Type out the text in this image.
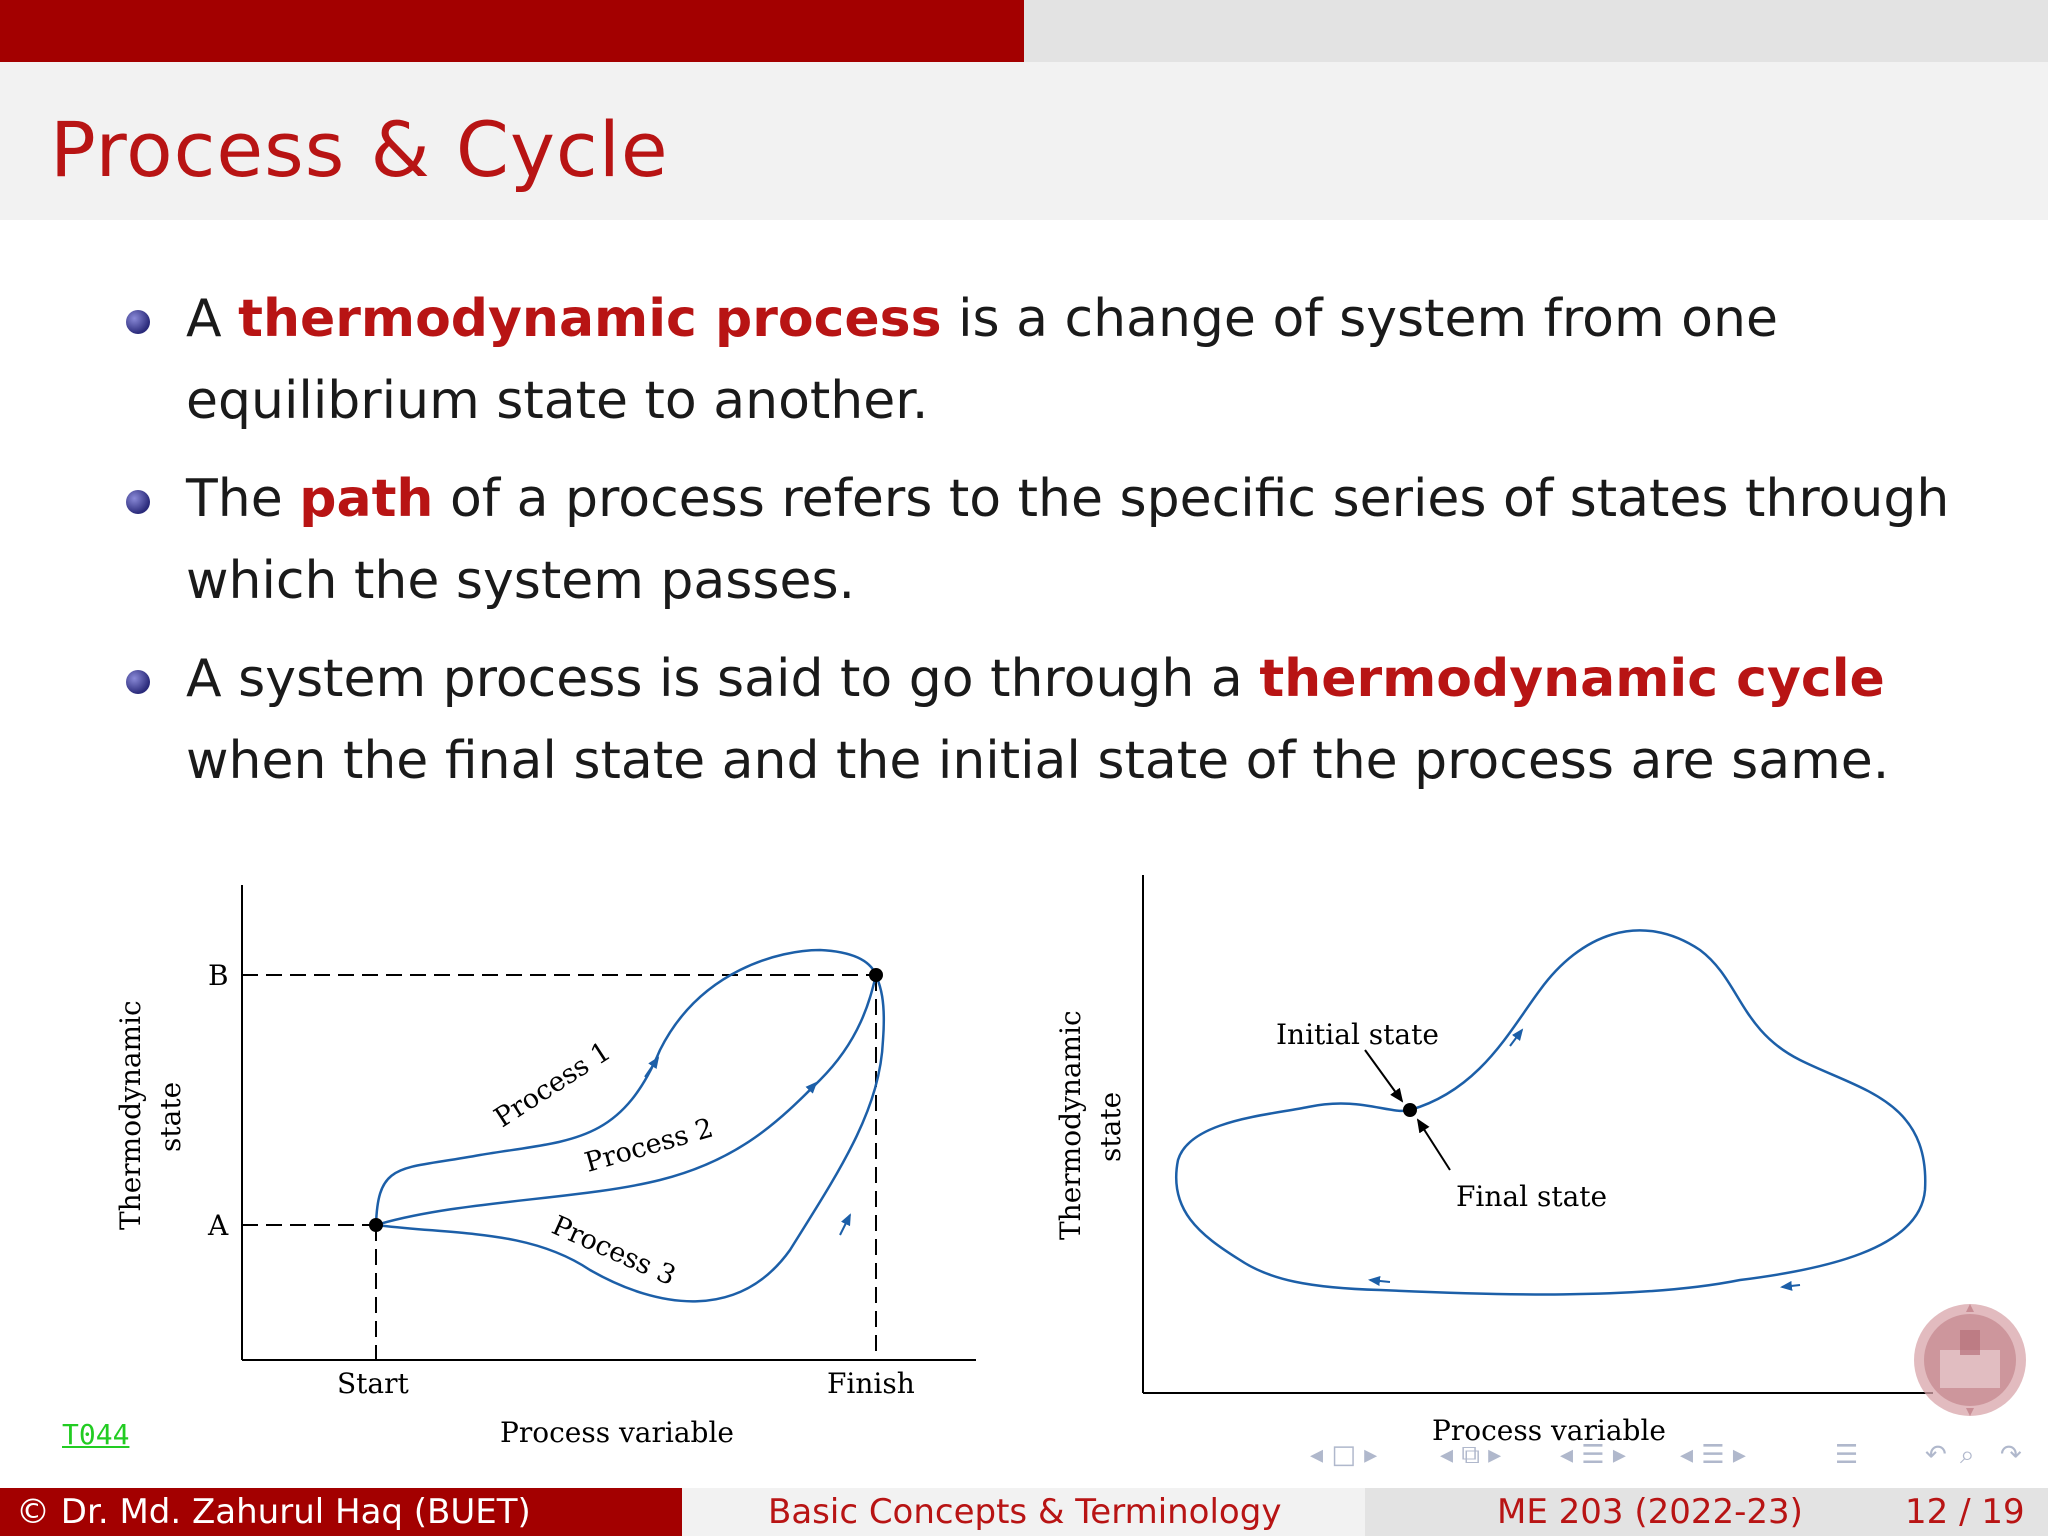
Process & Cycle
A thermodynamic process is a change of system from one equilibrium state to another.
The path of a process refers to the specific series of states through which the system passes.
A system process is said to go through a thermodynamic cycle when the final state and the initial state of the process are same.
B
A
Start	Finish
Process variable
Thermodynamic state	Process 1
Process 2
Process 3
Initial state
Final state
Process variable
Thermodynamic state
T044
◂ □ ▸ ◂ ⧉ ▸ ◂ ☰ ▸ ◂ ☰ ▸	☰	↶ ⌕ ↷
© Dr. Md. Zahurul Haq (BUET)	Basic Concepts & Terminology	ME 203 (2022-23)	12 / 19
